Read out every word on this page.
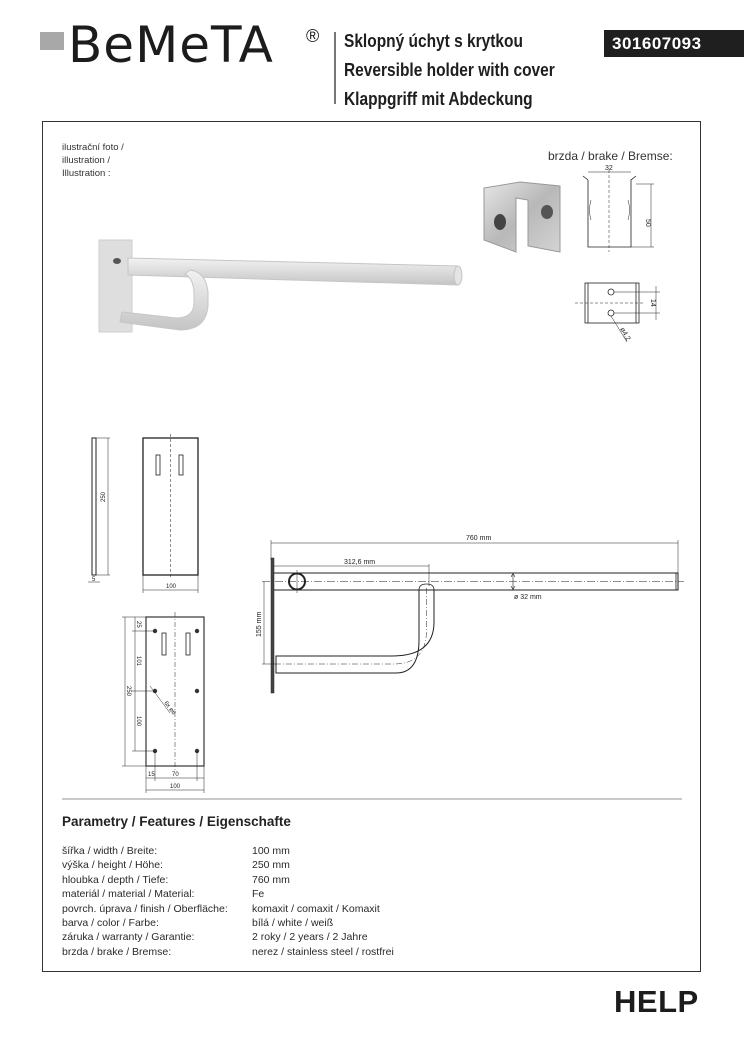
BeMeTA ® Sklopný úchyt s krytkou
Reversible holder with cover
Klappgriff mit Abdeckung
301607093
ilustrační foto /
illustration /
Illustration :
brzda / brake / Bremse:
32
50
14
ø4,2
250
5
100
25
101
100
250
6x ø6
15	70
100
760 mm
312,6 mm
155 mm
ø 32 mm
Parametry / Features / Eigenschafte
šířka / width / Breite:	100 mm
výška / height / Höhe:	250 mm
hloubka / depth / Tiefe:	760 mm
materiál / material / Material:	Fe
povrch. úprava / finish / Oberfläche:	komaxit / comaxit / Komaxit
barva / color / Farbe:	bílá / white / weiß
záruka / warranty / Garantie:	2 roky / 2 years / 2 Jahre
brzda / brake / Bremse:	nerez / stainless steel / rostfrei
HELP
